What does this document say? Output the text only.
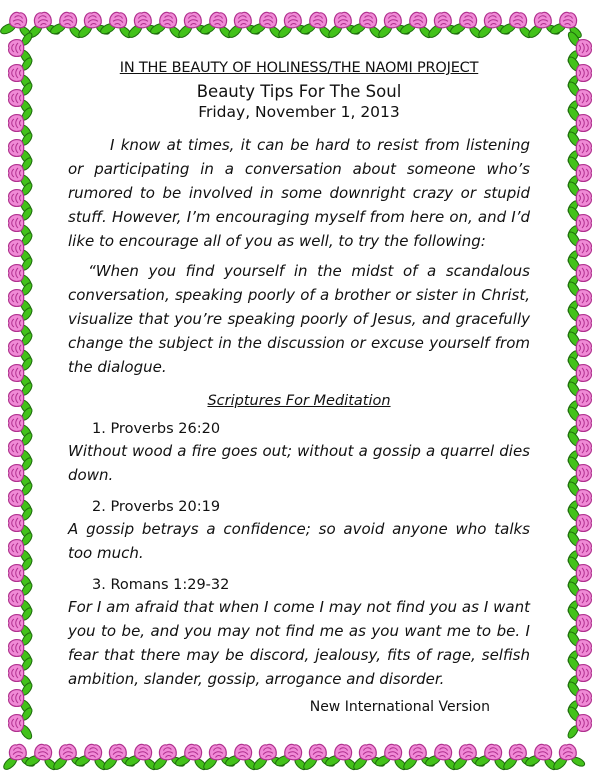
IN THE BEAUTY OF HOLINESS/THE NAOMI PROJECT

Beauty Tips For The Soul

Friday, November 1, 2013

I know at times, it can be hard to resist from listening or participating in a conversation about someone who’s rumored to be involved in some downright crazy or stupid stuff. However, I’m encouraging myself from here on, and I’d like to encourage all of you as well, to try the following:

“When you find yourself in the midst of a scandalous conversation, speaking poorly of a brother or sister in Christ, visualize that you’re speaking poorly of Jesus, and gracefully change the subject in the discussion or excuse yourself from the dialogue.

Scriptures For Meditation

1. Proverbs 26:20

Without wood a fire goes out; without a gossip a quarrel dies down.

2. Proverbs 20:19

A gossip betrays a confidence; so avoid anyone who talks too much.

3. Romans 1:29-32

For I am afraid that when I come I may not find you as I want you to be, and you may not find me as you want me to be. I fear that there may be discord, jealousy, fits of rage, selfish ambition, slander, gossip, arrogance and disorder.

New International Version
